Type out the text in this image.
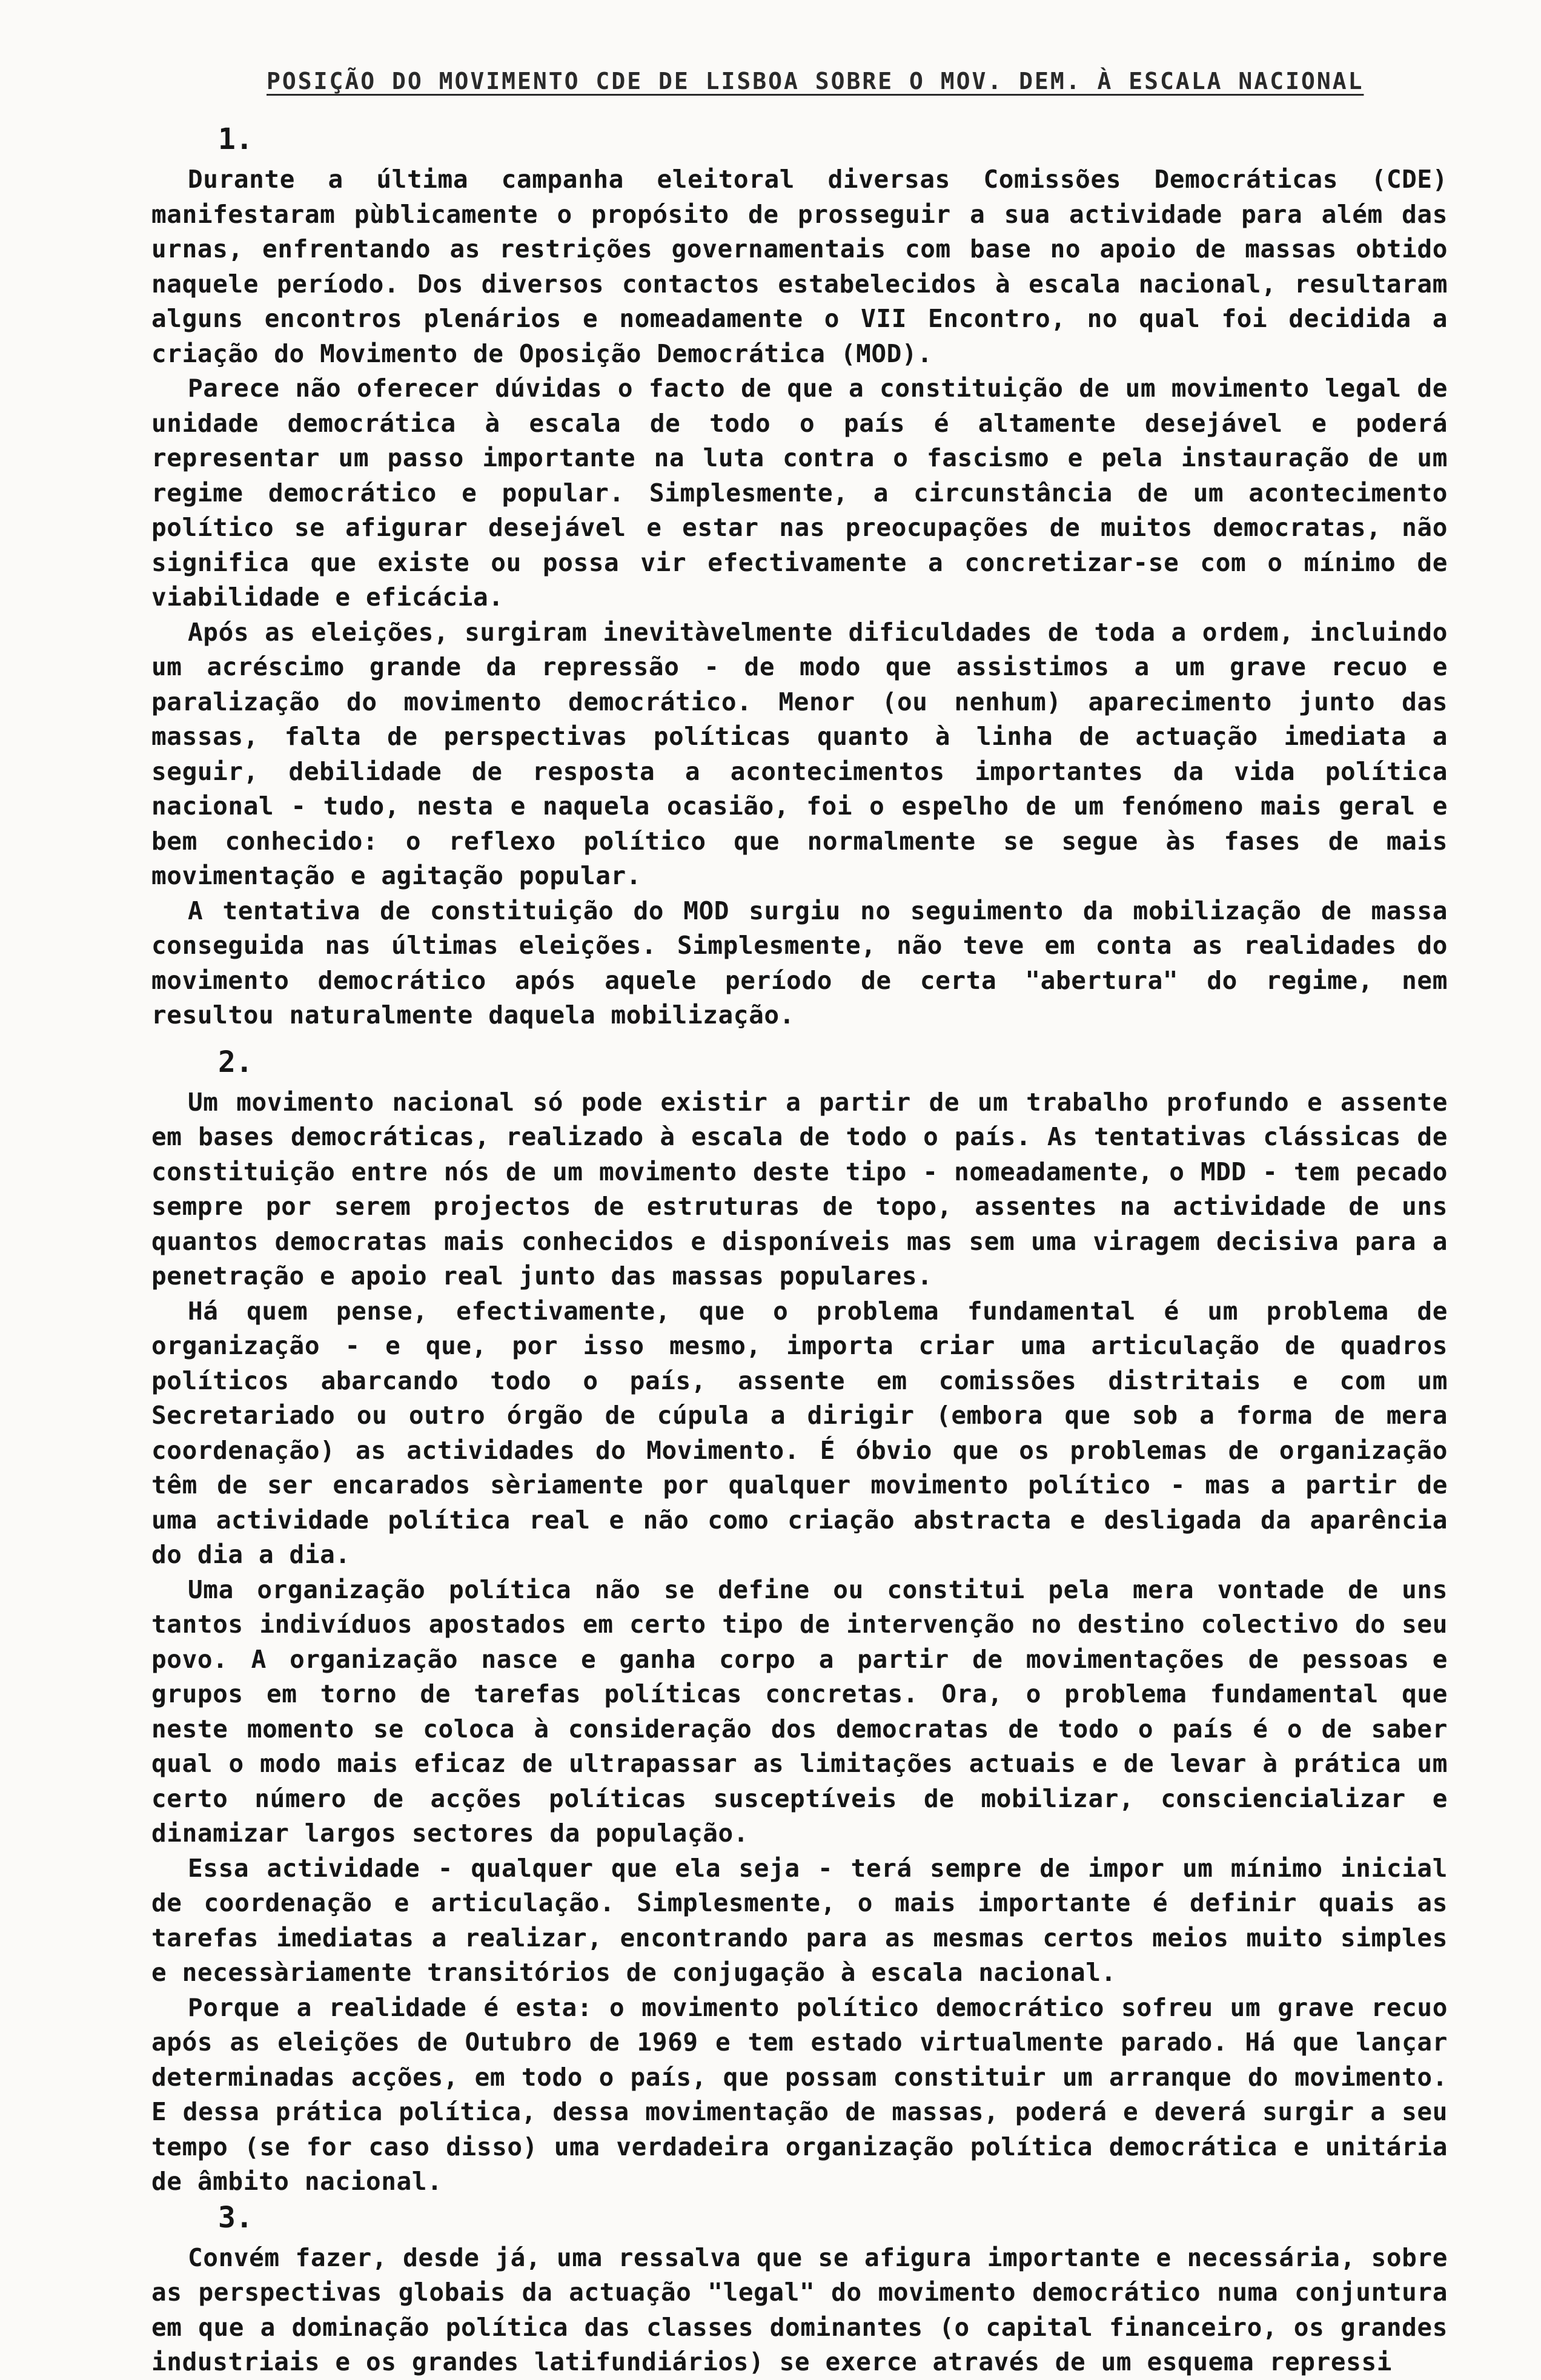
POSIÇÃO DO MOVIMENTO CDE DE LISBOA SOBRE O MOV. DEM. À ESCALA NACIONAL
1.

Durante a última campanha eleitoral diversas Comissões Democráticas (CDE) manifestaram pùblicamente o propósito de prosseguir a sua actividade para além das urnas, enfrentando as restrições governamentais com base no apoio de massas obtido naquele período. Dos diversos contactos estabelecidos à escala nacional, resultaram alguns encontros plenários e nomeadamente o VII Encontro, no qual foi decidida a criação do Movimento de Oposição Democrática (MOD).

Parece não oferecer dúvidas o facto de que a constituição de um movimento legal de unidade democrática à escala de todo o país é altamente desejável e poderá representar um passo importante na luta contra o fascismo e pela instauração de um regime democrático e popular. Simplesmente, a circunstância de um acontecimento político se afigurar desejável e estar nas preocupações de muitos democratas, não significa que existe ou possa vir efectivamente a concretizar-se com o mínimo de viabilidade e eficácia.

Após as eleições, surgiram inevitàvelmente dificuldades de toda a ordem, incluindo um acréscimo grande da repressão - de modo que assistimos a um grave recuo e paralização do movimento democrático. Menor (ou nenhum) aparecimento junto das massas, falta de perspectivas políticas quanto à linha de actuação imediata a seguir, debilidade de resposta a acontecimentos importantes da vida política nacional - tudo, nesta e naquela ocasião, foi o espelho de um fenómeno mais geral e bem conhecido: o reflexo político que normalmente se segue às fases de mais movimentação e agitação popular.

A tentativa de constituição do MOD surgiu no seguimento da mobilização de massa conseguida nas últimas eleições. Simplesmente, não teve em conta as realidades do movimento democrático após aquele período de certa "abertura" do regime, nem resultou naturalmente daquela mobilização.

2.

Um movimento nacional só pode existir a partir de um trabalho profundo e assente em bases democráticas, realizado à escala de todo o país. As tentativas clássicas de constituição entre nós de um movimento deste tipo - nomeadamente, o MDD - tem pecado sempre por serem projectos de estruturas de topo, assentes na actividade de uns quantos democratas mais conhecidos e disponíveis mas sem uma viragem decisiva para a penetração e apoio real junto das massas populares.

Há quem pense, efectivamente, que o problema fundamental é um problema de organização - e que, por isso mesmo, importa criar uma articulação de quadros políticos abarcando todo o país, assente em comissões distritais e com um Secretariado ou outro órgão de cúpula a dirigir (embora que sob a forma de mera coordenação) as actividades do Movimento. É óbvio que os problemas de organização têm de ser encarados sèriamente por qualquer movimento político - mas a partir de uma actividade política real e não como criação abstracta e desligada da aparência do dia a dia.

Uma organização política não se define ou constitui pela mera vontade de uns tantos indivíduos apostados em certo tipo de intervenção no destino colectivo do seu povo. A organização nasce e ganha corpo a partir de movimentações de pessoas e grupos em torno de tarefas políticas concretas. Ora, o problema fundamental que neste momento se coloca à consideração dos democratas de todo o país é o de saber qual o modo mais eficaz de ultrapassar as limitações actuais e de levar à prática um certo número de acções políticas susceptíveis de mobilizar, consciencializar e dinamizar largos sectores da população.

Essa actividade - qualquer que ela seja - terá sempre de impor um mínimo inicial de coordenação e articulação. Simplesmente, o mais importante é definir quais as tarefas imediatas a realizar, encontrando para as mesmas certos meios muito simples e necessàriamente transitórios de conjugação à escala nacional.

Porque a realidade é esta: o movimento político democrático sofreu um grave recuo após as eleições de Outubro de 1969 e tem estado virtualmente parado. Há que lançar determinadas acções, em todo o país, que possam constituir um arranque do movimento. E dessa prática política, dessa movimentação de massas, poderá e deverá surgir a seu tempo (se for caso disso) uma verdadeira organização política democrática e unitária de âmbito nacional.

3.

Convém fazer, desde já, uma ressalva que se afigura importante e necessária, sobre as perspectivas globais da actuação "legal" do movimento democrático numa conjuntura em que a dominação política das classes dominantes (o capital financeiro, os grandes industriais e os grandes latifundiários) se exerce através de um esquema repressi
